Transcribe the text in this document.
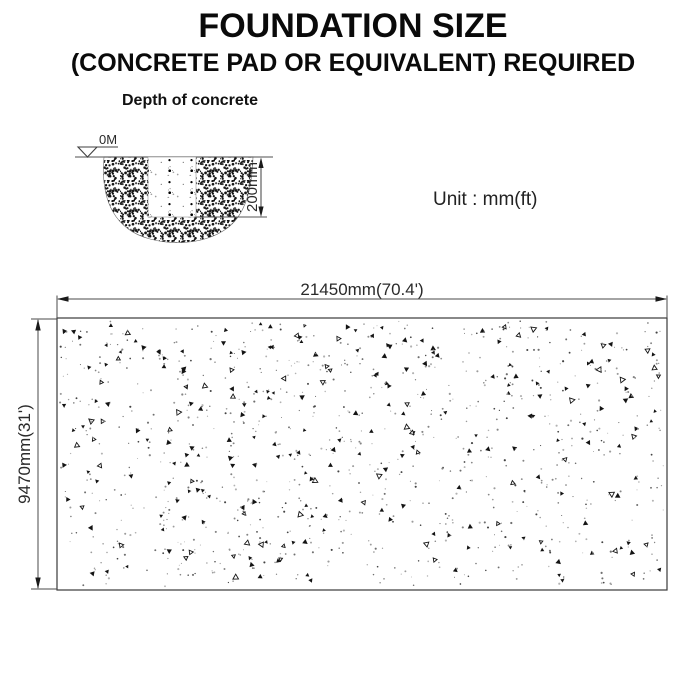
FOUNDATION SIZE
(CONCRETE PAD OR EQUIVALENT) REQUIRED
Depth of concrete
Unit : mm(ft)
0M
200mm
21450mm(70.4')
9470mm(31')
